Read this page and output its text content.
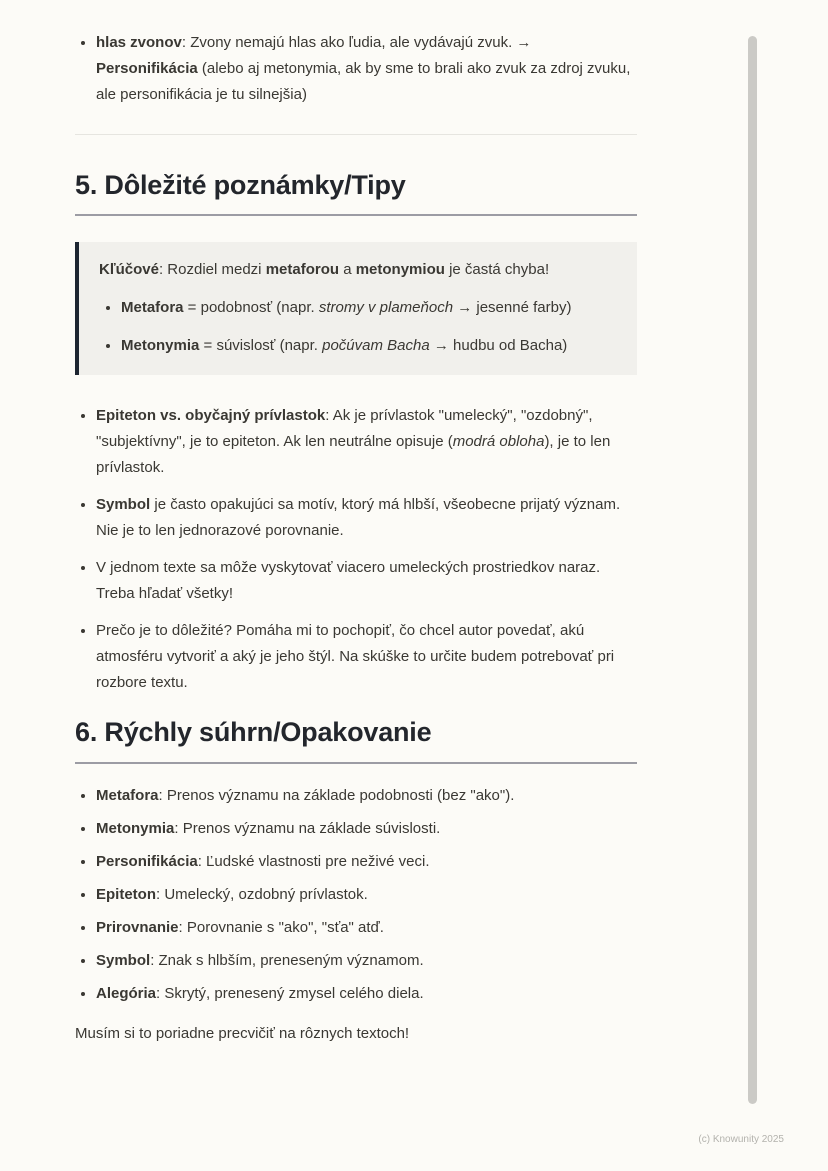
• hlas zvonov: Zvony nemajú hlas ako ľudia, ale vydávajú zvuk. → Personifikácia (alebo aj metonymia, ak by sme to brali ako zvuk za zdroj zvuku, ale personifikácia je tu silnejšia)
5. Dôležité poznámky/Tipy

Kľúčové: Rozdiel medzi metaforou a metonymiou je častá chyba!

• Metafora = podobnosť (napr. stromy v plameňoch → jesenné farby)
• Metonymia = súvislosť (napr. počúvam Bacha → hudbu od Bacha)
• Epiteton vs. obyčajný prívlastok: Ak je prívlastok "umelecký", "ozdobný", "subjektívny", je to epiteton. Ak len neutrálne opisuje (modrá obloha), je to len prívlastok.
• Symbol je často opakujúci sa motív, ktorý má hlbší, všeobecne prijatý význam. Nie je to len jednorazové porovnanie.
• V jednom texte sa môže vyskytovať viacero umeleckých prostriedkov naraz. Treba hľadať všetky!
• Prečo je to dôležité? Pomáha mi to pochopiť, čo chcel autor povedať, akú atmosféru vytvoriť a aký je jeho štýl. Na skúške to určite budem potrebovať pri rozbore textu.
6. Rýchly súhrn/Opakovanie
• Metafora: Prenos významu na základe podobnosti (bez "ako").
• Metonymia: Prenos významu na základe súvislosti.
• Personifikácia: Ľudské vlastnosti pre neživé veci.
• Epiteton: Umelecký, ozdobný prívlastok.
• Prirovnanie: Porovnanie s "ako", "sťa" atď.
• Symbol: Znak s hlbším, preneseným významom.
• Alegória: Skrytý, prenesený zmysel celého diela.

Musím si to poriadne precvičiť na rôznych textoch!

(c) Knowunity 2025
